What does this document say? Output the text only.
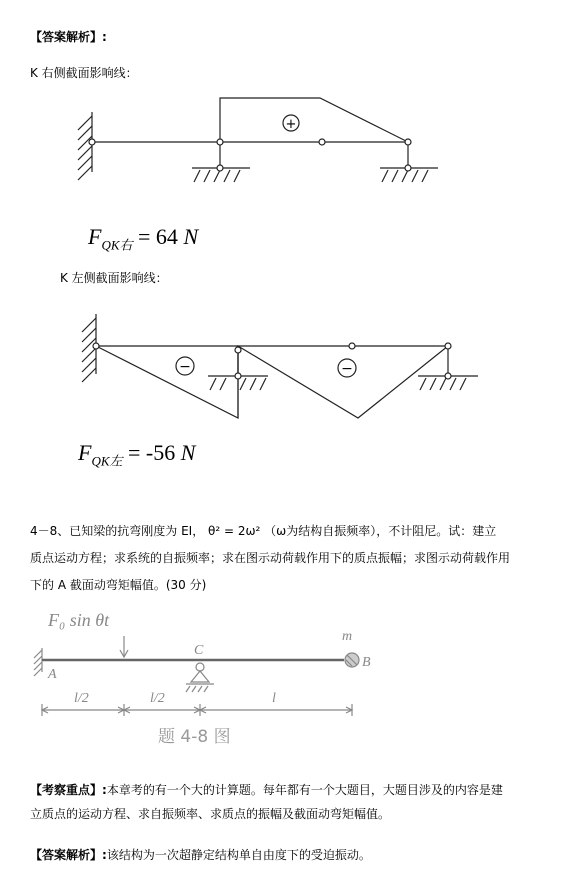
【答案解析】:
K 右侧截面影响线：
+
$F_{QK右} = 64$ N
K 左侧截面影响线：
−	−
$F_{QK左} = -56$ N
4－8、已知梁的抗弯刚度为 EI， θ² = 2ω² （ω为结构自振频率），不计阻尼。试：建立
质点运动方程；求系统的自振频率；求在图示动荷载作用下的质点振幅；求图示动荷载作用
下的 A 截面动弯矩幅值。(30 分)
F₀ sin θt
A
C
m
B
l/2	l/2	l
题 4-8 图
【考察重点】:本章考的有一个大的计算题。每年都有一个大题目，大题目涉及的内容是建
立质点的运动方程、求自振频率、求质点的振幅及截面动弯矩幅值。
【答案解析】:该结构为一次超静定结构单自由度下的受迫振动。
